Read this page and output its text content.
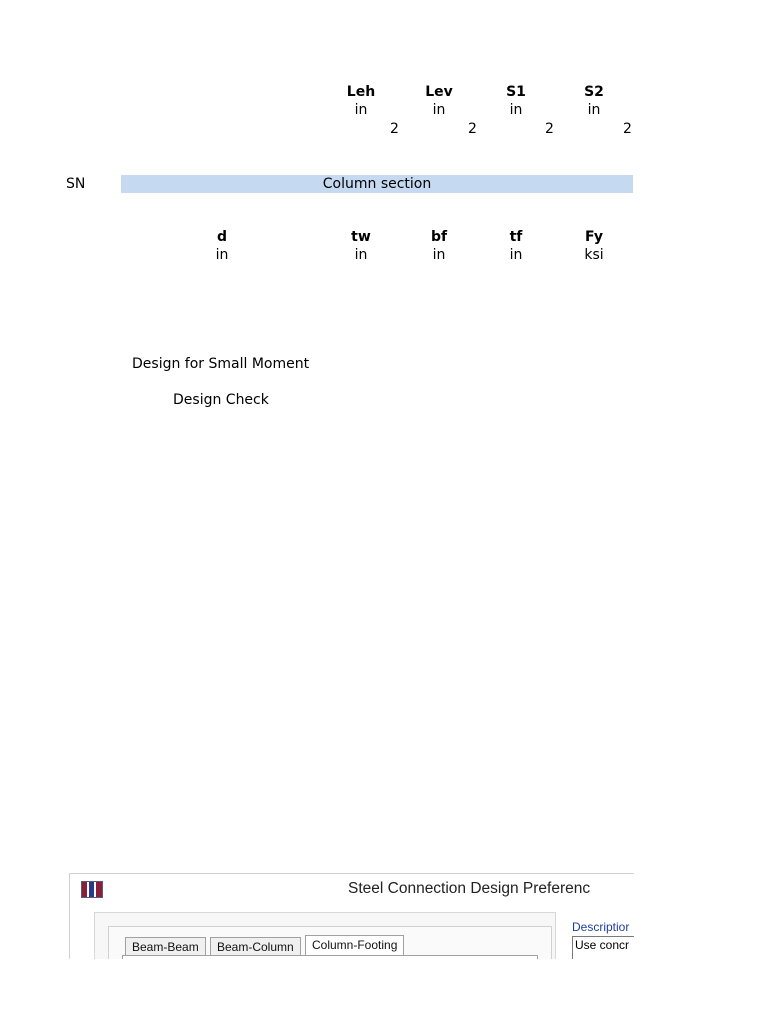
Leh	Lev	S1	S2
in	in	in	in
2	2	2	2
SN	Column section
d	tw	bf	tf	Fy
in	in	in	in	ksi
Design for Small Moment
Design Check
Steel Connection Design Preferenc
Beam-Beam	Beam-Column	Column-Footing
Descriptior
Use concr
